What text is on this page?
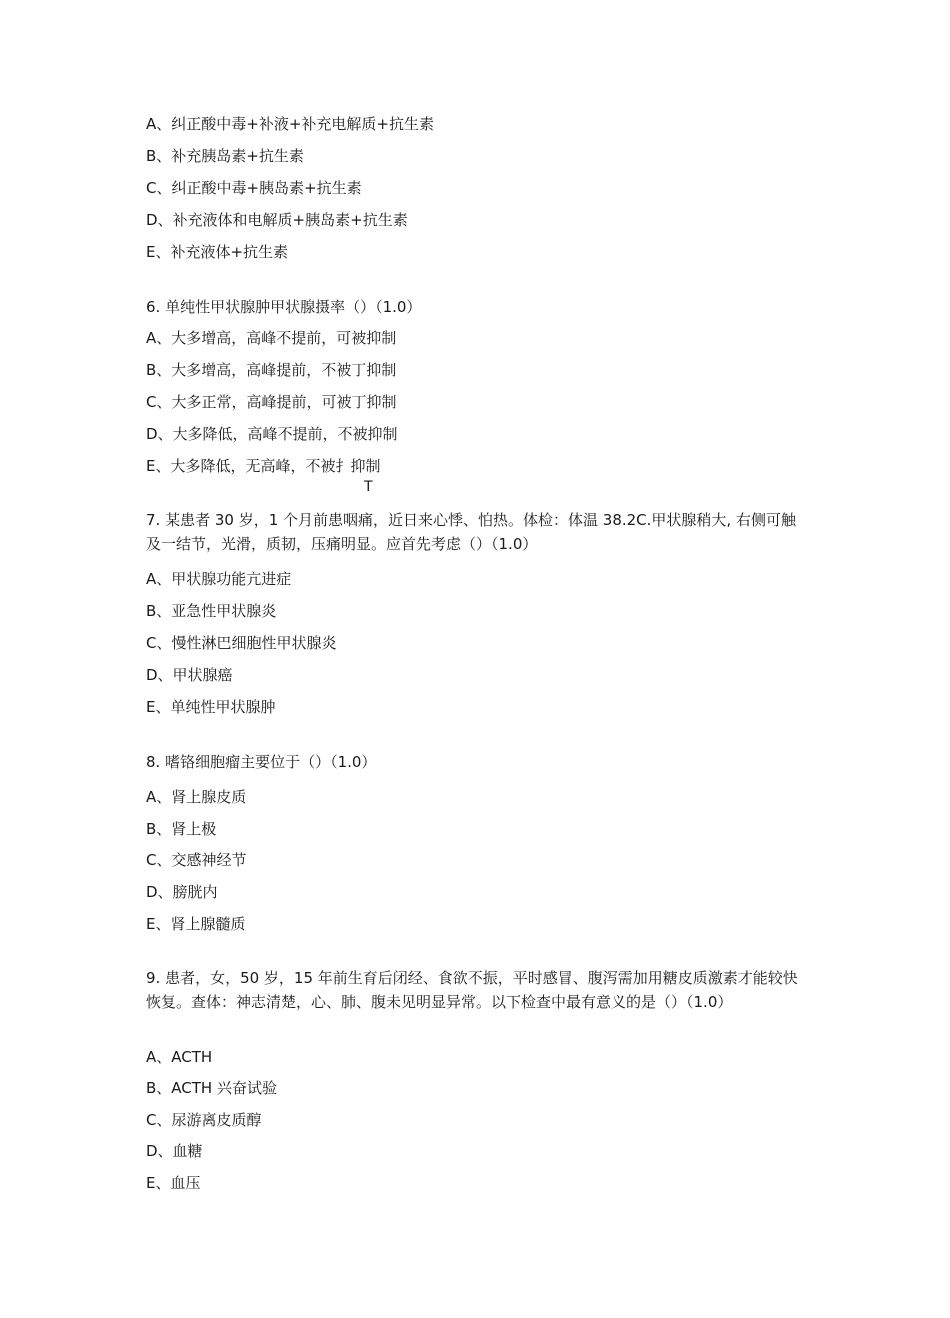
A、纠正酸中毒+补液+补充电解质+抗生素
B、补充胰岛素+抗生素
C、纠正酸中毒+胰岛素+抗生素
D、补充液体和电解质+胰岛素+抗生素
E、补充液体+抗生素
6. 单纯性甲状腺肿甲状腺摄率（）（1.0）
A、大多增高，高峰不提前，可被抑制
B、大多增高，高峰提前，不被丁抑制
C、大多正常，高峰提前，可被丁抑制
D、大多降低，高峰不提前，不被抑制
E、大多降低，无高峰，不被扌抑制
T
7. 某患者 30 岁，1 个月前患咽痛，近日来心悸、怕热。体检：体温 38.2C.甲状腺稍大, 右侧可触及一结节，光滑，质韧，压痛明显。应首先考虑（）（1.0）
A、甲状腺功能亢进症
B、亚急性甲状腺炎
C、慢性淋巴细胞性甲状腺炎
D、甲状腺癌
E、单纯性甲状腺肿
8. 嗜铬细胞瘤主要位于（）（1.0）
A、肾上腺皮质
B、肾上极
C、交感神经节
D、膀胱内
E、肾上腺髓质
9. 患者，女，50 岁，15 年前生育后闭经、食欲不振，平时感冒、腹泻需加用糖皮质激素才能较快恢复。查体：神志清楚，心、肺、腹未见明显异常。以下检查中最有意义的是（）（1.0）
A、ACTH
B、ACTH 兴奋试验
C、尿游离皮质醇
D、血糖
E、血压
